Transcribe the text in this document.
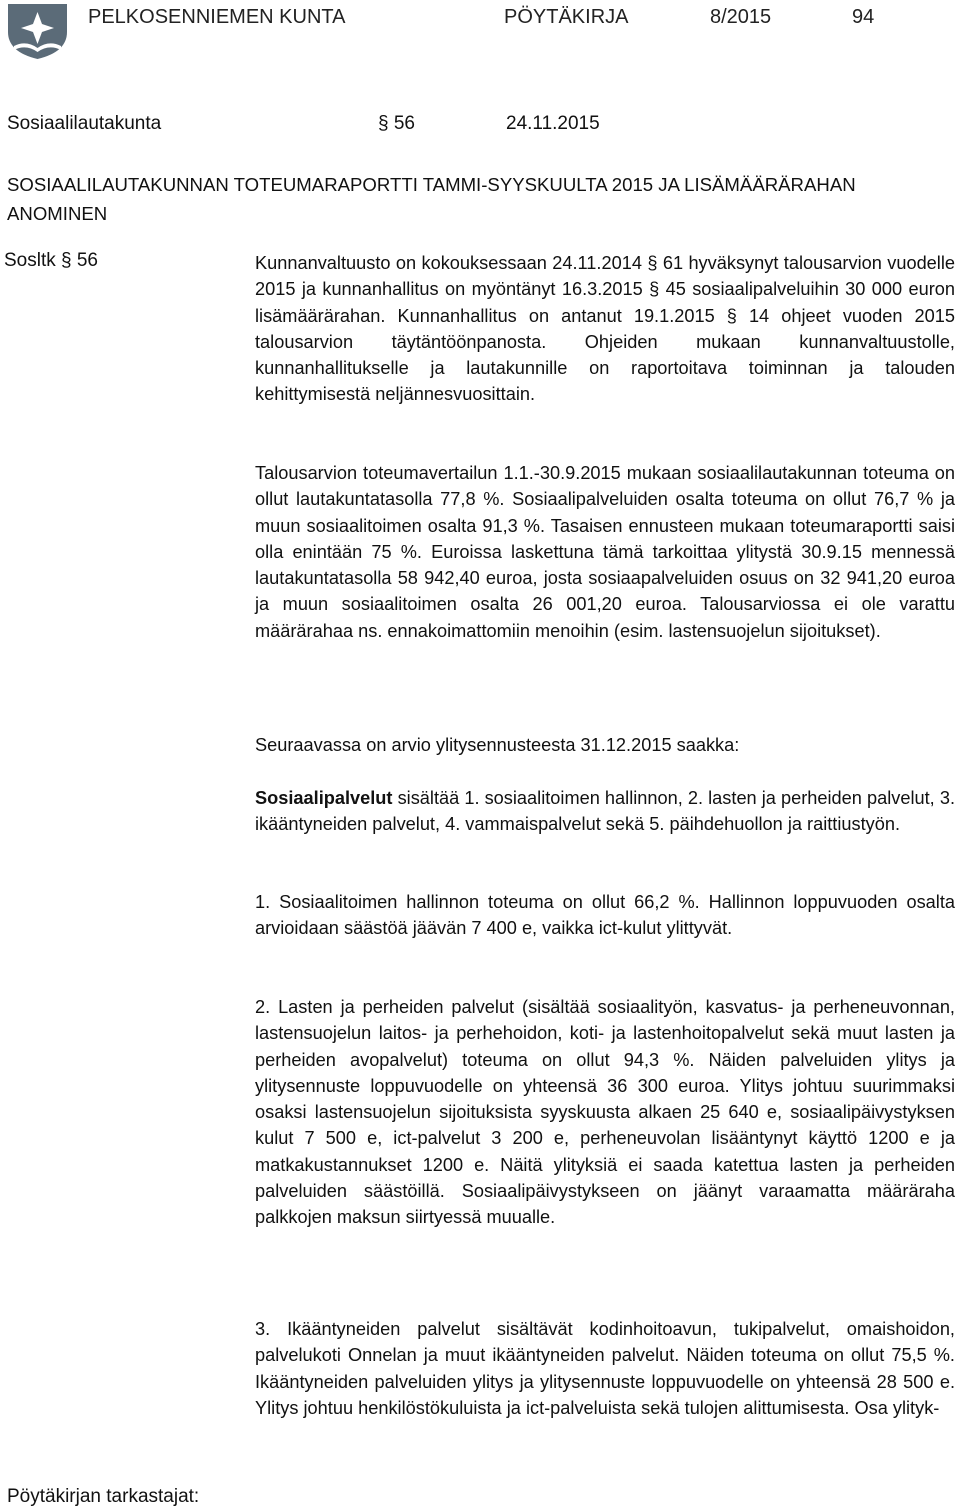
PELKOSENNIEMEN KUNTA	PÖYTÄKIRJA	8/2015	94
Sosiaalilautakunta	§ 56	24.11.2015
SOSIAALILAUTAKUNNAN TOTEUMARAPORTTI TAMMI-SYYSKUULTA 2015 JA LISÄMÄÄRÄRAHAN ANOMINEN
Sosltk § 56	Kunnanvaltuusto on kokouksessaan 24.11.2014 § 61 hyväksynyt talousarvion vuodelle 2015 ja kunnanhallitus on myöntänyt 16.3.2015 § 45 sosiaalipalveluihin 30 000 euron lisämäärärahan. Kunnanhallitus on antanut 19.1.2015 § 14 ohjeet vuoden 2015 talousarvion täytäntöönpanosta. Ohjeiden mukaan kunnanvaltuustolle, kunnanhallitukselle ja lautakunnille on raportoitava toiminnan ja talouden kehittymisestä neljännesvuosittain.

Talousarvion toteumavertailun 1.1.-30.9.2015 mukaan sosiaalilautakunnan toteuma on ollut lautakuntatasolla 77,8 %. Sosiaalipalveluiden osalta toteuma on ollut 76,7 % ja muun sosiaalitoimen osalta 91,3 %. Tasaisen ennusteen mukaan toteumaraportti saisi olla enintään 75 %. Euroissa laskettuna tämä tarkoittaa ylitystä 30.9.15 mennessä lautakuntatasolla 58 942,40 euroa, josta sosiaapalveluiden osuus on 32 941,20 euroa ja muun sosiaalitoimen osalta 26 001,20 euroa. Talousarviossa ei ole varattu määrärahaa ns. ennakoimattomiin menoihin (esim. lastensuojelun sijoitukset).

Seuraavassa on arvio ylitysennusteesta 31.12.2015 saakka:

Sosiaalipalvelut sisältää 1. sosiaalitoimen hallinnon, 2. lasten ja perheiden palvelut, 3. ikääntyneiden palvelut, 4. vammaispalvelut sekä 5. päihdehuollon ja raittiustyön.

1. Sosiaalitoimen hallinnon toteuma on ollut 66,2 %. Hallinnon loppuvuoden osalta arvioidaan säästöä jäävän 7 400 e, vaikka ict-kulut ylittyvät.

2. Lasten ja perheiden palvelut (sisältää sosiaalityön, kasvatus- ja perheneuvonnan, lastensuojelun laitos- ja perhehoidon, koti- ja lastenhoitopalvelut sekä muut lasten ja perheiden avopalvelut) toteuma on ollut 94,3 %. Näiden palveluiden ylitys ja ylitysennuste loppuvuodelle on yhteensä 36 300 euroa. Ylitys johtuu suurimmaksi osaksi lastensuojelun sijoituksista syyskuusta alkaen 25 640 e, sosiaalipäivystyksen kulut 7 500 e, ict-palvelut 3 200 e, perheneuvolan lisääntynyt käyttö 1200 e ja matkakustannukset 1200 e. Näitä ylityksiä ei saada katettua lasten ja perheiden palveluiden säästöillä. Sosiaalipäivystykseen on jäänyt varaamatta määräraha palkkojen maksun siirtyessä muualle.

3. Ikääntyneiden palvelut sisältävät kodinhoitoavun, tukipalvelut, omaishoidon, palvelukoti Onnelan ja muut ikääntyneiden palvelut. Näiden toteuma on ollut 75,5 %. Ikääntyneiden palveluiden ylitys ja ylitysennuste loppuvuodelle on yhteensä 28 500 e. Ylitys johtuu henkilöstökuluista ja ict-palveluista sekä tulojen alittumisesta. Osa ylityk-

Pöytäkirjan tarkastajat:
